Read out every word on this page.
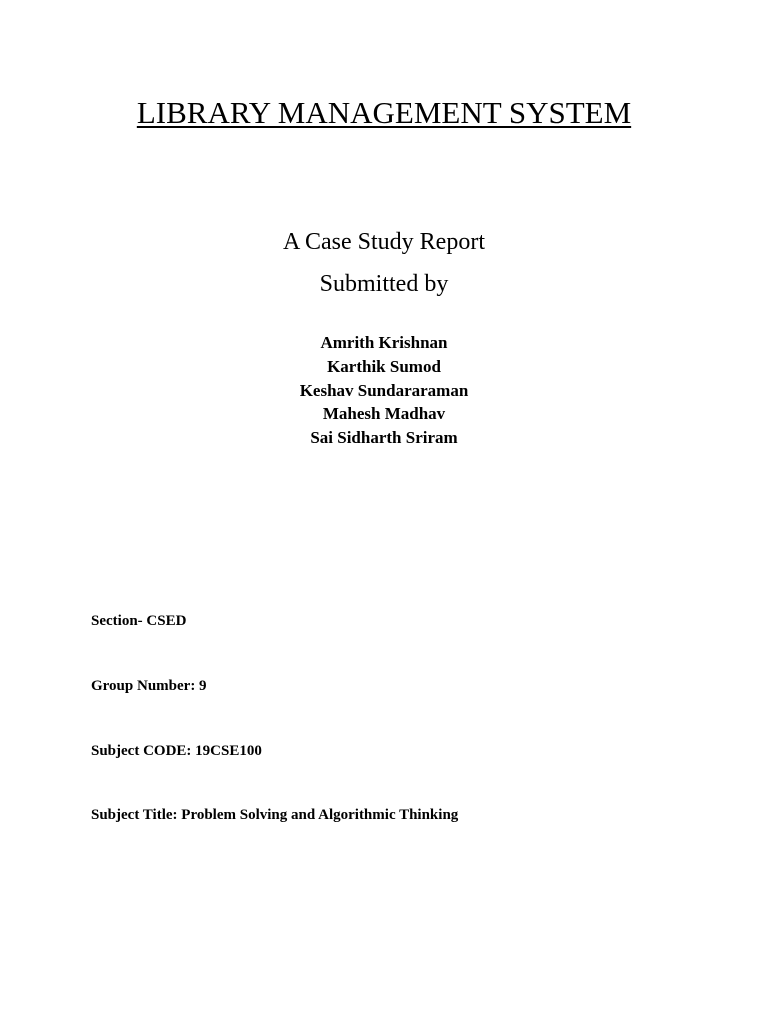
LIBRARY MANAGEMENT SYSTEM

A Case Study Report

Submitted by

Amrith Krishnan
Karthik Sumod
Keshav Sundararaman
Mahesh Madhav
Sai Sidharth Sriram

Section- CSED

Group Number: 9

Subject CODE: 19CSE100

Subject Title: Problem Solving and Algorithmic Thinking
